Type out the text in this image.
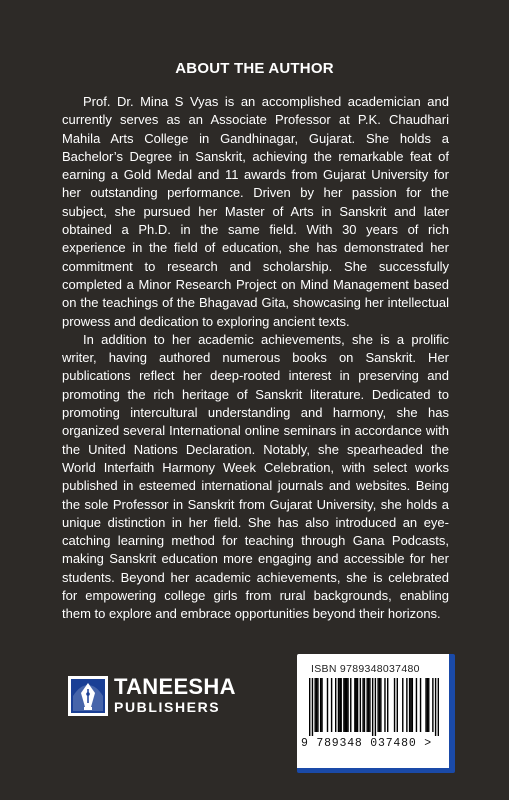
ABOUT THE AUTHOR

Prof. Dr. Mina S Vyas is an accomplished academician and currently serves as an Associate Professor at P.K. Chaudhari Mahila Arts College in Gandhinagar, Gujarat. She holds a Bachelor’s Degree in Sanskrit, achieving the remarkable feat of earning a Gold Medal and 11 awards from Gujarat University for her outstanding performance. Driven by her passion for the subject, she pursued her Master of Arts in Sanskrit and later obtained a Ph.D. in the same field. With 30 years of rich experience in the field of education, she has demonstrated her commitment to research and scholarship. She successfully completed a Minor Research Project on Mind Management based on the teachings of the Bhagavad Gita, showcasing her intellectual prowess and dedication to exploring ancient texts.

In addition to her academic achievements, she is a prolific writer, having authored numerous books on Sanskrit. Her publications reflect her deep-rooted interest in preserving and promoting the rich heritage of Sanskrit literature. Dedicated to promoting intercultural understanding and harmony, she has organized several International online seminars in accordance with the United Nations Declaration. Notably, she spearheaded the World Interfaith Harmony Week Celebration, with select works published in esteemed international journals and websites. Being the sole Professor in Sanskrit from Gujarat University, she holds a unique distinction in her field. She has also introduced an eye-catching learning method for teaching through Gana Podcasts, making Sanskrit education more engaging and accessible for her students. Beyond her academic achievements, she is celebrated for empowering college girls from rural backgrounds, enabling them to explore and embrace opportunities beyond their horizons.

TANEESHA
PUBLISHERS
ISBN 9789348037480
9 789348 037480 >
